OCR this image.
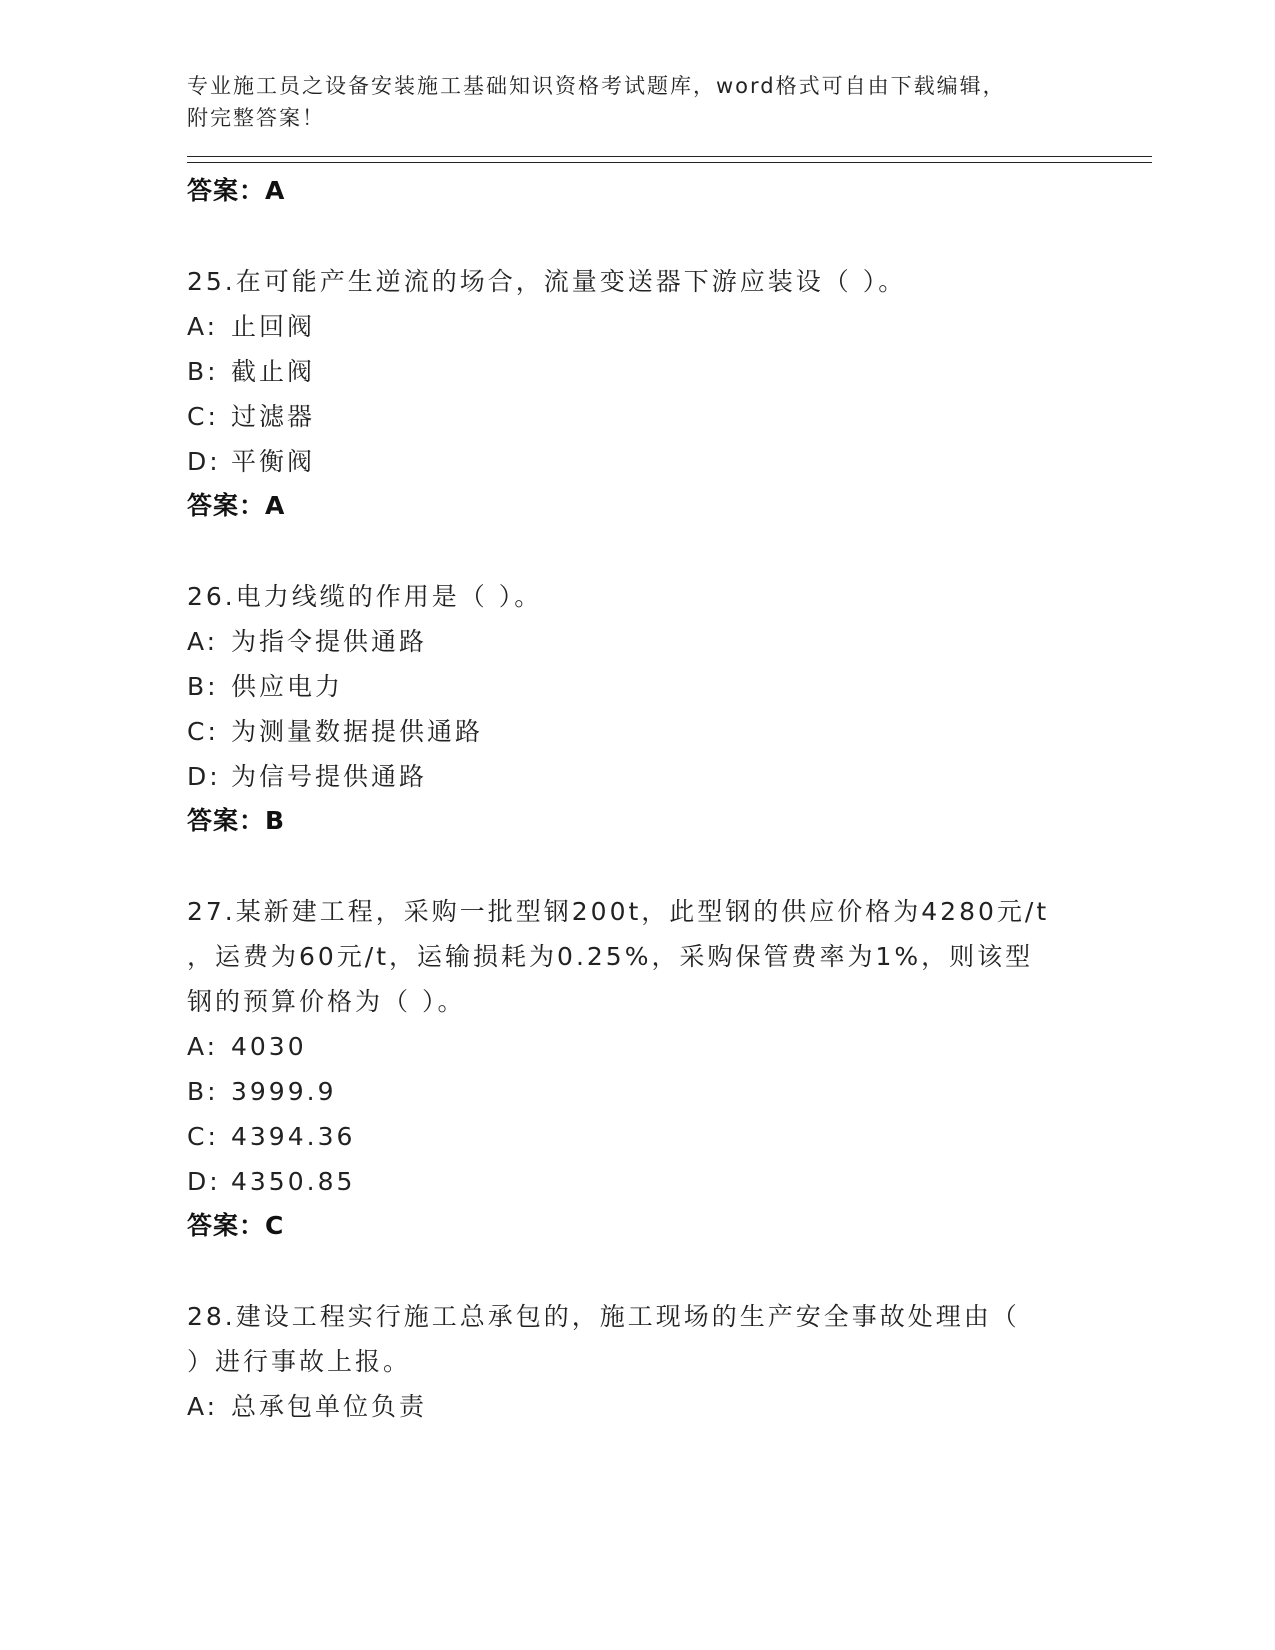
专业施工员之设备安装施工基础知识资格考试题库，word格式可自由下载编辑，
附完整答案！
答案：A
25.在可能产生逆流的场合，流量变送器下游应装设（ ）。
A: 止回阀
B: 截止阀
C: 过滤器
D: 平衡阀
答案：A
26.电力线缆的作用是（ ）。
A: 为指令提供通路
B: 供应电力
C: 为测量数据提供通路
D: 为信号提供通路
答案：B
27.某新建工程，采购一批型钢200t，此型钢的供应价格为4280元/t
，运费为60元/t，运输损耗为0.25%，采购保管费率为1%，则该型
钢的预算价格为（ ）。
A: 4030
B: 3999.9
C: 4394.36
D: 4350.85
答案：C
28.建设工程实行施工总承包的，施工现场的生产安全事故处理由（
）进行事故上报。
A: 总承包单位负责
